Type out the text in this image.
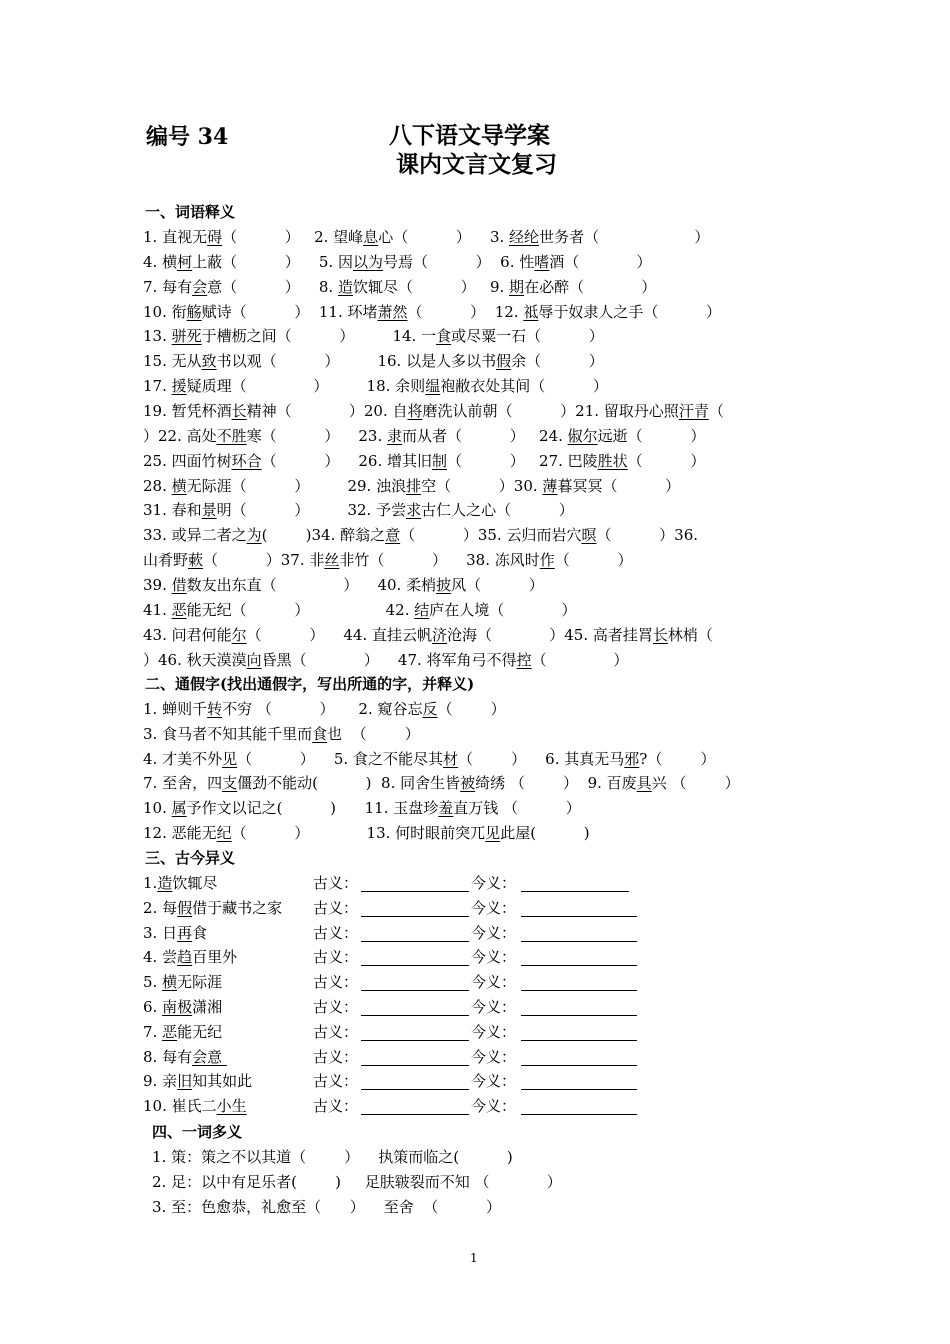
编号 34	八下语文导学案
课内文言文复习
一、词语释义
1. 直视无碍（          ）   2. 望峰息心（          ）    3. 经纶世务者（                    ）
4. 横柯上蔽（          ）    5. 因以为号焉（          ）  6. 性嗜酒（            ）
7. 每有会意（          ）    8. 造饮辄尽（          ）   9. 期在必醉（            ）
10. 衔觞赋诗（          ）  11. 环堵萧然（          ）  12. 祗辱于奴隶人之手（          ）
13. 骈死于槽枥之间（          ）        14. 一食或尽粟一石（          ）
15. 无从致书以观（          ）        16. 以是人多以书假余（          ）
17. 援疑质理（              ）        18. 余则缊袍敝衣处其间（          ）
19. 暂凭杯酒长精神（            ）20. 自将磨洗认前朝（          ）21. 留取丹心照汗青（
）22. 高处不胜寒（          ）    23. 隶而从者（          ）   24. 俶尔远逝（          ）
25. 四面竹树环合（          ）    26. 增其旧制（          ）   27. 巴陵胜状（          ）
28. 横无际涯（          ）        29. 浊浪排空（          ）30. 薄暮冥冥（          ）
31. 春和景明（          ）        32. 予尝求古仁人之心（          ）
33. 或异二者之为(        )34. 醉翁之意（          ）35. 云归而岩穴暝（          ）36.
山肴野蔌（          ）37. 非丝非竹（          ）    38. 冻风时作（          ）
39. 借数友出东直（              ）    40. 柔梢披风（          ）
41. 恶能无纪（          ）                42. 结庐在人境（            ）
43. 问君何能尔（          ）    44. 直挂云帆济沧海（            ）45. 高者挂罥长林梢（
）46. 秋天漠漠向昏黑（            ）    47. 将军角弓不得控（              ）
二、通假字(找出通假字，写出所通的字，并释义)
1. 蝉则千转不穷 （          ）     2. 窥谷忘反（        ）
3. 食马者不知其能千里而食也  （        ）
4. 才美不外见（          ）    5. 食之不能尽其材（        ）    6. 其真无马邪?（        ）
7. 至舍，四支僵劲不能动(          )  8. 同舍生皆被绮绣 （        ）  9. 百废具兴 （        ）
10. 属予作文以记之(          )      11. 玉盘珍羞直万钱 （          ）
12. 恶能无纪（          ）            13. 何时眼前突兀见此屋(          )
三、古今异义
1.造饮辄尽	古义：	今义：
2. 每假借于藏书之家 古义：	今义：
3. 日再食	古义：	今义：
4. 尝趋百里外	古义：	今义：
5. 横无际涯	古义：	今义：
6. 南极潇湘	古义：	今义：
7. 恶能无纪	古义：	今义：
8. 每有会意	古义：	今义：
9. 亲旧知其如此	古义：	今义：
10. 崔氏二小生	古义：	今义：
四、一词多义
1. 策：策之不以其道（        ）    执策而临之(          )
2. 足：以中有足乐者(        )     足肤皲裂而不知 （            ）
3. 至：色愈恭，礼愈至（      ）    至舍  （          ）
1
